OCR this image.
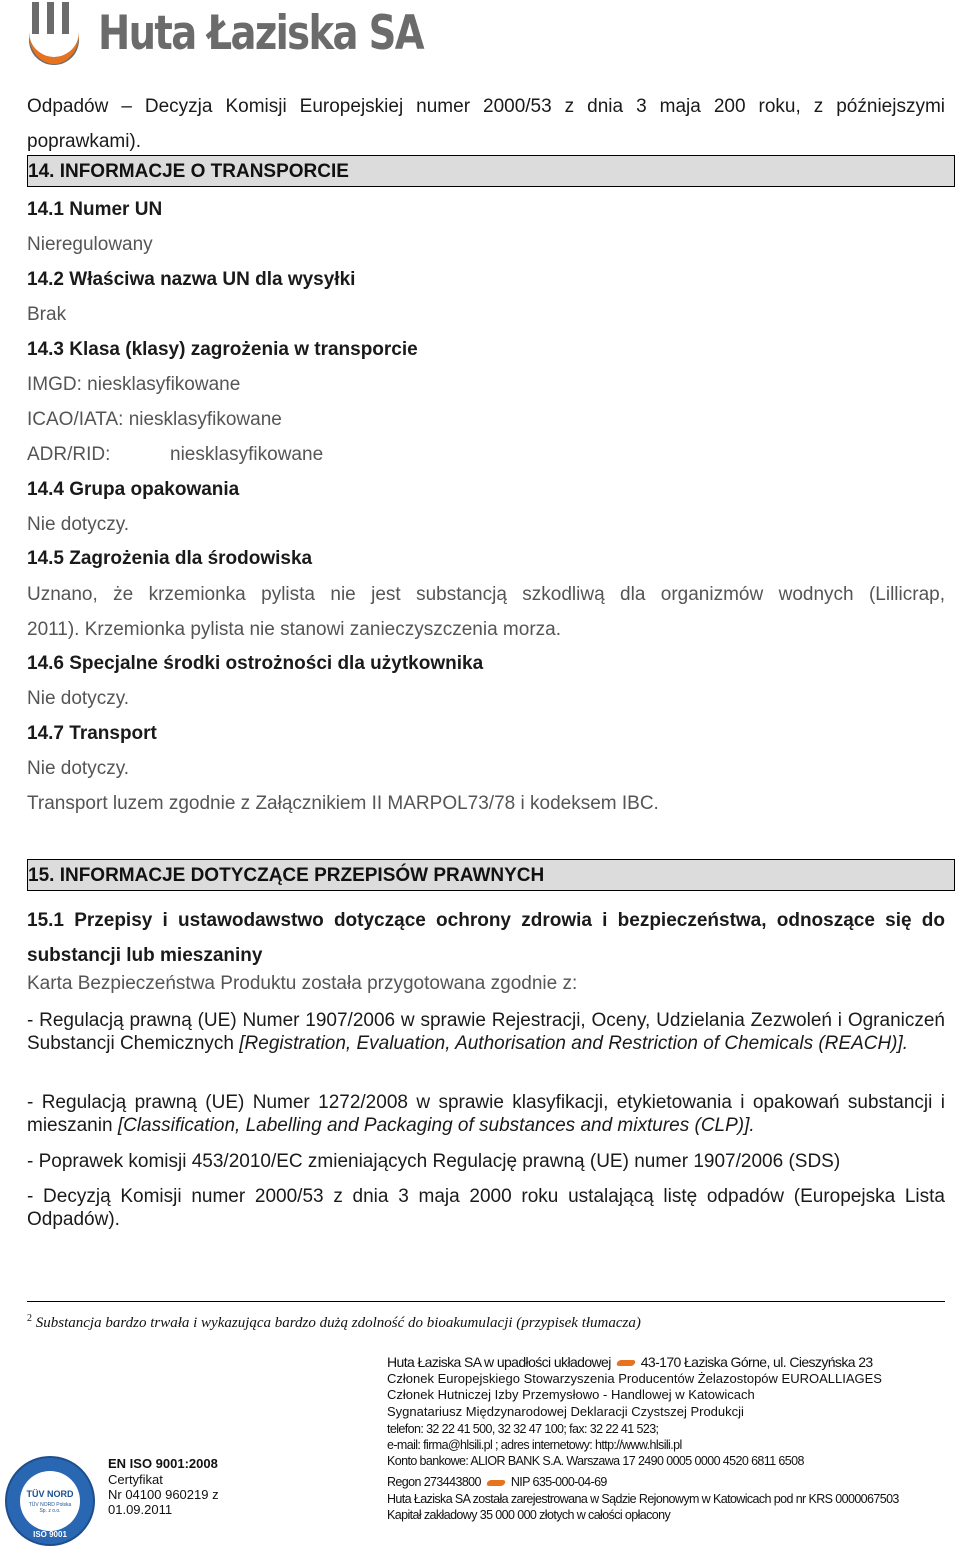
Huta Łaziska SA
Odpadów – Decyzja Komisji Europejskiej numer 2000/53 z dnia 3 maja 200 roku, z późniejszymi poprawkami).
14. INFORMACJE O TRANSPORCIE
14.1 Numer UN
Nieregulowany
14.2 Właściwa nazwa UN dla wysyłki
Brak
14.3 Klasa (klasy) zagrożenia w transporcie
IMGD: niesklasyfikowane
ICAO/IATA: niesklasyfikowane
ADR/RID:	niesklasyfikowane
14.4 Grupa opakowania
Nie dotyczy.
14.5 Zagrożenia dla środowiska
Uznano, że krzemionka pylista nie jest substancją szkodliwą dla organizmów wodnych (Lillicrap,
2011). Krzemionka pylista nie stanowi zanieczyszczenia morza.
14.6 Specjalne środki ostrożności dla użytkownika
Nie dotyczy.
14.7 Transport
Nie dotyczy.
Transport luzem zgodnie z Załącznikiem II MARPOL73/78 i kodeksem IBC.
15. INFORMACJE DOTYCZĄCE PRZEPISÓW PRAWNYCH
15.1 Przepisy i ustawodawstwo dotyczące ochrony zdrowia i bezpieczeństwa, odnoszące się do substancji lub mieszaniny
Karta Bezpieczeństwa Produktu została przygotowana zgodnie z:
- Regulacją prawną (UE) Numer 1907/2006 w sprawie Rejestracji, Oceny, Udzielania Zezwoleń i Ograniczeń Substancji Chemicznych [Registration, Evaluation, Authorisation and Restriction of Chemicals (REACH)].
- Regulacją prawną (UE) Numer 1272/2008 w sprawie klasyfikacji, etykietowania i opakowań substancji i mieszanin [Classification, Labelling and Packaging of substances and mixtures (CLP)].
- Poprawek komisji 453/2010/EC zmieniających Regulację prawną (UE) numer 1907/2006 (SDS)
- Decyzją Komisji numer 2000/53 z dnia 3 maja 2000 roku ustalającą listę odpadów (Europejska Lista Odpadów).
$^2$ Substancja bardzo trwała i wykazująca bardzo dużą zdolność do bioakumulacji (przypisek tłumacza)
TÜV NORD
TÜV NORD Polska Sp. z o.o.
ISO 9001
EN ISO 9001:2008
Certyfikat
Nr 04100 960219 z
01.09.2011
Huta Łaziska SA w upadłości układowej 43-170 Łaziska Górne, ul. Cieszyńska 23
Członek Europejskiego Stowarzyszenia Producentów Żelazostopów EUROALLIAGES
Członek Hutniczej Izby Przemysłowo - Handlowej w Katowicach
Sygnatariusz Międzynarodowej Deklaracji Czystszej Produkcji
telefon: 32 22 41 500, 32 32 47 100; fax: 32 22 41 523;
e-mail: firma@hlsili.pl ; adres internetowy: http://www.hlsili.pl
Konto bankowe: ALIOR BANK S.A. Warszawa 17 2490 0005 0000 4520 6811 6508
Regon 273443800 NIP 635-000-04-69
Huta Łaziska SA została zarejestrowana w Sądzie Rejonowym w Katowicach pod nr KRS 0000067503
Kapitał zakładowy 35 000 000 złotych w całości opłacony
